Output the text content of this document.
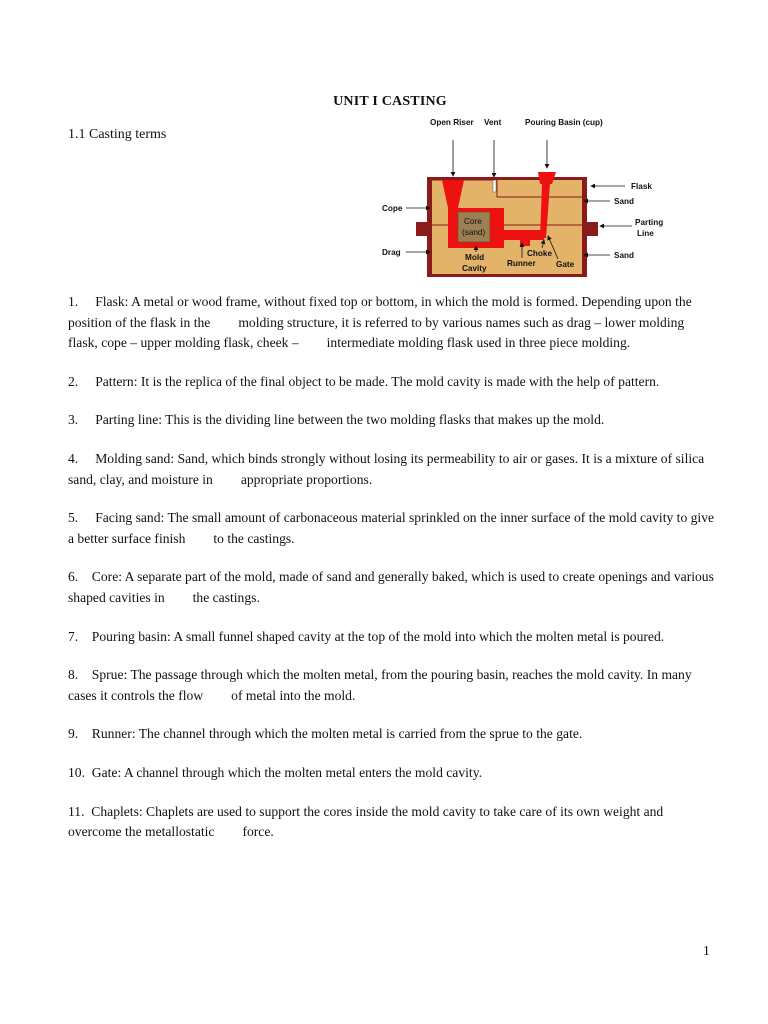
UNIT I CASTING
1.1 Casting terms
Open Riser Vent	Pouring Basin (cup)
Flask
Sand
Parting
Line
Sand
Cope
Drag
Core
(sand)
Mold
Cavity
Runner
Choke
Gate
1. Flask: A metal or wood frame, without fixed top or bottom, in which the mold is formed. Depending upon the position of the flask in the molding structure, it is referred to by various names such as drag – lower molding flask, cope – upper molding flask, cheek – intermediate molding flask used in three piece molding.
2. Pattern: It is the replica of the final object to be made. The mold cavity is made with the help of pattern.
3. Parting line: This is the dividing line between the two molding flasks that makes up the mold.
4. Molding sand: Sand, which binds strongly without losing its permeability to air or gases. It is a mixture of silica sand, clay, and moisture in appropriate proportions.
5. Facing sand: The small amount of carbonaceous material sprinkled on the inner surface of the mold cavity to give a better surface finish to the castings.
6. Core: A separate part of the mold, made of sand and generally baked, which is used to create openings and various shaped cavities in the castings.
7. Pouring basin: A small funnel shaped cavity at the top of the mold into which the molten metal is poured.
8. Sprue: The passage through which the molten metal, from the pouring basin, reaches the mold cavity. In many cases it controls the flow of metal into the mold.
9. Runner: The channel through which the molten metal is carried from the sprue to the gate.
10. Gate: A channel through which the molten metal enters the mold cavity.
11. Chaplets: Chaplets are used to support the cores inside the mold cavity to take care of its own weight and overcome the metallostatic force.
1
